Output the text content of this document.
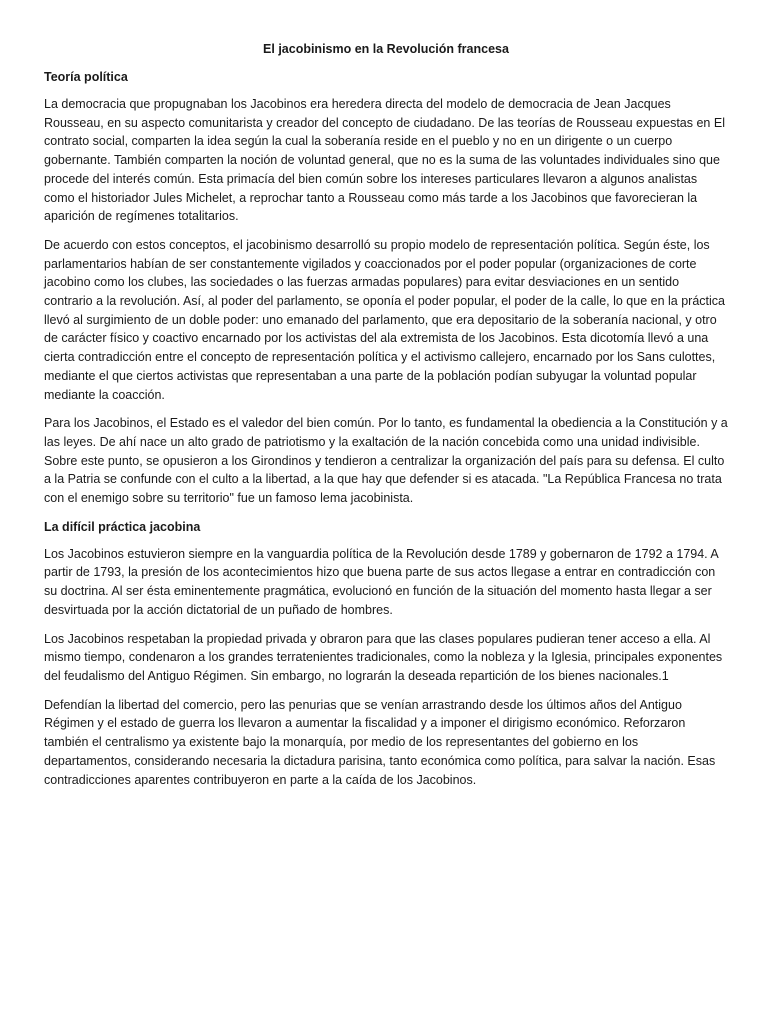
El jacobinismo en la Revolución francesa
Teoría política

La democracia que propugnaban los Jacobinos era heredera directa del modelo de democracia de Jean Jacques Rousseau, en su aspecto comunitarista y creador del concepto de ciudadano. De las teorías de Rousseau expuestas en El contrato social, comparten la idea según la cual la soberanía reside en el pueblo y no en un dirigente o un cuerpo gobernante. También comparten la noción de voluntad general, que no es la suma de las voluntades individuales sino que procede del interés común. Esta primacía del bien común sobre los intereses particulares llevaron a algunos analistas como el historiador Jules Michelet, a reprochar tanto a Rousseau como más tarde a los Jacobinos que favorecieran la aparición de regímenes totalitarios.

De acuerdo con estos conceptos, el jacobinismo desarrolló su propio modelo de representación política. Según éste, los parlamentarios habían de ser constantemente vigilados y coaccionados por el poder popular (organizaciones de corte jacobino como los clubes, las sociedades o las fuerzas armadas populares) para evitar desviaciones en un sentido contrario a la revolución. Así, al poder del parlamento, se oponía el poder popular, el poder de la calle, lo que en la práctica llevó al surgimiento de un doble poder: uno emanado del parlamento, que era depositario de la soberanía nacional, y otro de carácter físico y coactivo encarnado por los activistas del ala extremista de los Jacobinos. Esta dicotomía llevó a una cierta contradicción entre el concepto de representación política y el activismo callejero, encarnado por los Sans culottes, mediante el que ciertos activistas que representaban a una parte de la población podían subyugar la voluntad popular mediante la coacción.

Para los Jacobinos, el Estado es el valedor del bien común. Por lo tanto, es fundamental la obediencia a la Constitución y a las leyes. De ahí nace un alto grado de patriotismo y la exaltación de la nación concebida como una unidad indivisible. Sobre este punto, se opusieron a los Girondinos y tendieron a centralizar la organización del país para su defensa. El culto a la Patria se confunde con el culto a la libertad, a la que hay que defender si es atacada. "La República Francesa no trata con el enemigo sobre su territorio" fue un famoso lema jacobinista.

La difícil práctica jacobina

Los Jacobinos estuvieron siempre en la vanguardia política de la Revolución desde 1789 y gobernaron de 1792 a 1794. A partir de 1793, la presión de los acontecimientos hizo que buena parte de sus actos llegase a entrar en contradicción con su doctrina. Al ser ésta eminentemente pragmática, evolucionó en función de la situación del momento hasta llegar a ser desvirtuada por la acción dictatorial de un puñado de hombres.

Los Jacobinos respetaban la propiedad privada y obraron para que las clases populares pudieran tener acceso a ella. Al mismo tiempo, condenaron a los grandes terratenientes tradicionales, como la nobleza y la Iglesia, principales exponentes del feudalismo del Antiguo Régimen. Sin embargo, no lograrán la deseada repartición de los bienes nacionales.1

Defendían la libertad del comercio, pero las penurias que se venían arrastrando desde los últimos años del Antiguo Régimen y el estado de guerra los llevaron a aumentar la fiscalidad y a imponer el dirigismo económico. Reforzaron también el centralismo ya existente bajo la monarquía, por medio de los representantes del gobierno en los departamentos, considerando necesaria la dictadura parisina, tanto económica como política, para salvar la nación. Esas contradicciones aparentes contribuyeron en parte a la caída de los Jacobinos.
